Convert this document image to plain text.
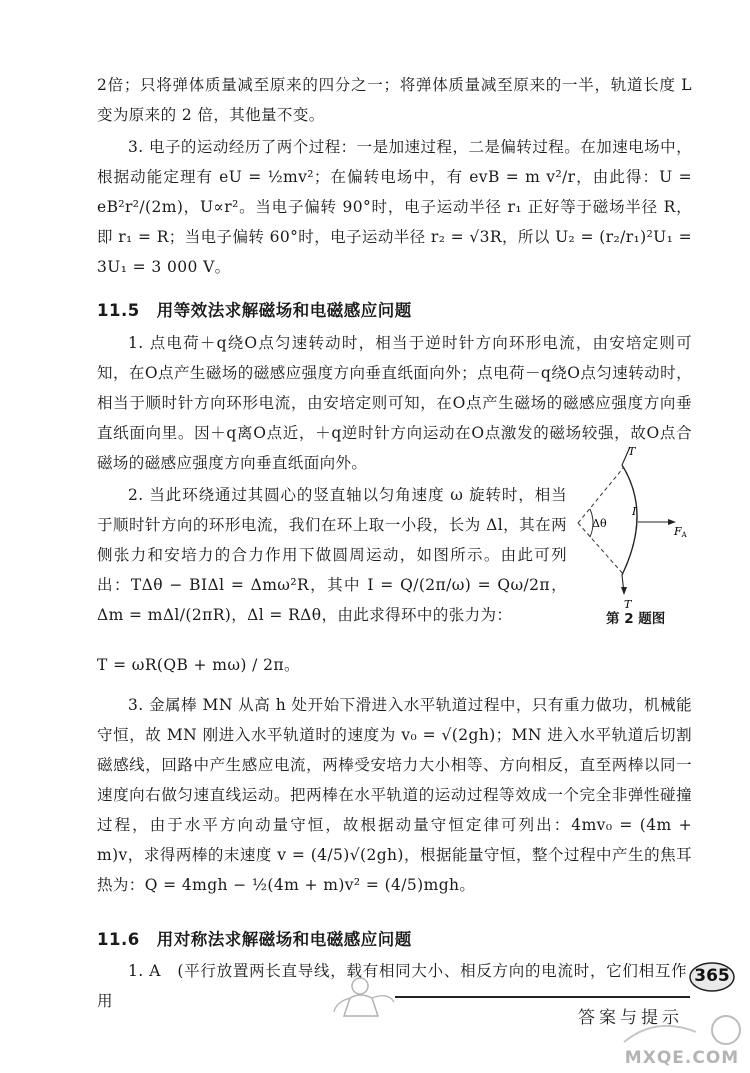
2倍；只将弹体质量减至原来的四分之一；将弹体质量减至原来的一半，轨道长度 L 变为原来的 2 倍，其他量不变。
3. 电子的运动经历了两个过程：一是加速过程，二是偏转过程。在加速电场中，根据动能定理有 eU = ½mv²；在偏转电场中，有 evB = m v²/r，由此得：U = eB²r²/(2m)，U∝r²。当电子偏转 90°时，电子运动半径 r₁ 正好等于磁场半径 R，即 r₁ = R；当电子偏转 60°时，电子运动半径 r₂ = √3R，所以 U₂ = (r₂/r₁)²U₁ = 3U₁ = 3 000 V。
11.5　用等效法求解磁场和电磁感应问题
1. 点电荷＋q绕O点匀速转动时，相当于逆时针方向环形电流，由安培定则可知，在O点产生磁场的磁感应强度方向垂直纸面向外；点电荷－q绕O点匀速转动时，相当于顺时针方向环形电流，由安培定则可知，在O点产生磁场的磁感应强度方向垂直纸面向里。因＋q离O点近，＋q逆时针方向运动在O点激发的磁场较强，故O点合磁场的磁感应强度方向垂直纸面向外。
2. 当此环绕通过其圆心的竖直轴以匀角速度 ω 旋转时，相当于顺时针方向的环形电流，我们在环上取一小段，长为 Δl，其在两侧张力和安培力的合力作用下做圆周运动，如图所示。由此可列出：TΔθ − BIΔl = Δmω²R，其中 I = Q/(2π/ω) = Qω/2π，Δm = mΔl/(2πR)，Δl = RΔθ，由此求得环中的张力为：
T = ωR(QB + mω) / 2π。
T
T
Δθ
I
FA
第 2 题图
3. 金属棒 MN 从高 h 处开始下滑进入水平轨道过程中，只有重力做功，机械能守恒，故 MN 刚进入水平轨道时的速度为 v₀ = √(2gh)；MN 进入水平轨道后切割磁感线，回路中产生感应电流，两棒受安培力大小相等、方向相反，直至两棒以同一速度向右做匀速直线运动。把两棒在水平轨道的运动过程等效成一个完全非弹性碰撞过程，由于水平方向动量守恒，故根据动量守恒定律可列出：4mv₀ = (4m + m)v，求得两棒的末速度 v = (4/5)√(2gh)，根据能量守恒，整个过程中产生的焦耳热为：Q = 4mgh − ½(4m + m)v² = (4/5)mgh。
11.6　用对称法求解磁场和电磁感应问题
1. A　(平行放置两长直导线，载有相同大小、相反方向的电流时，它们相互作用
365
答案与提示
MXQE.COM
